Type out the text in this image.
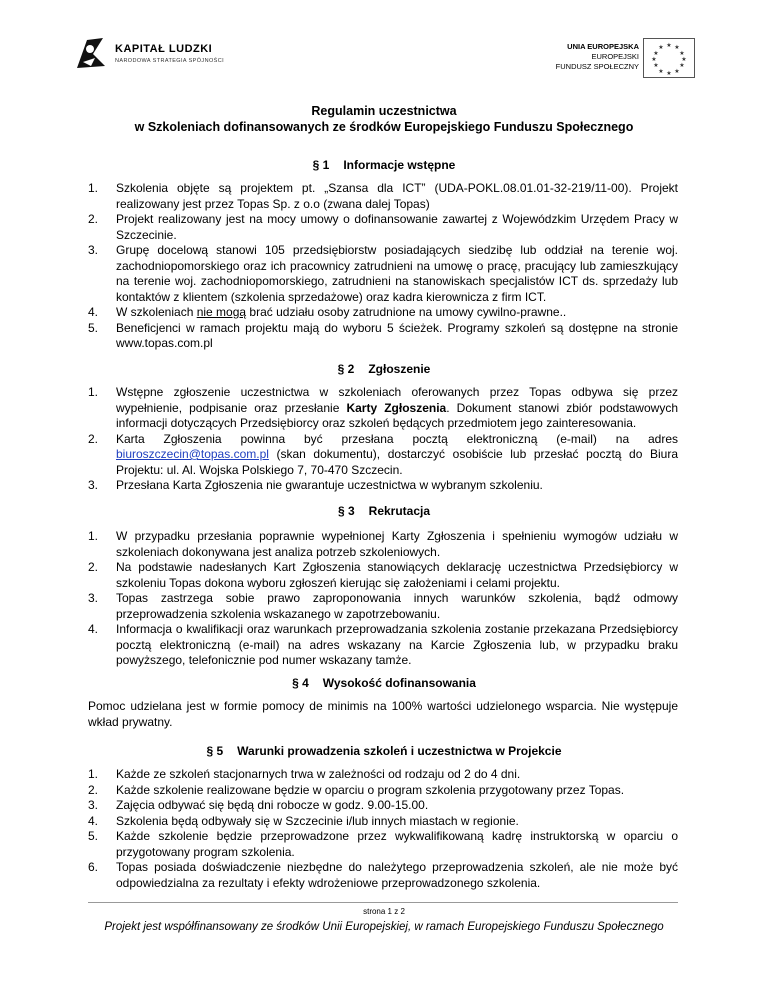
KAPITAŁ LUDZKI
NARODOWA STRATEGIA SPÓJNOŚCI
UNIA EUROPEJSKA
EUROPEJSKI
FUNDUSZ SPOŁECZNY
★ ★
★
★
★
★
★
★
★
★
★
★
Regulamin uczestnictwa
w Szkoleniach dofinansowanych ze środków Europejskiego Funduszu Społecznego
§ 1 Informacje wstępne
1. Szkolenia objęte są projektem pt. „Szansa dla ICT” (UDA-POKL.08.01.01-32-219/11-00). Projekt realizowany jest przez Topas Sp. z o.o (zwana dalej Topas)
2. Projekt realizowany jest na mocy umowy o dofinansowanie zawartej z Wojewódzkim Urzędem Pracy w Szczecinie.
3. Grupę docelową stanowi 105 przedsiębiorstw posiadających siedzibę lub oddział na terenie woj. zachodniopomorskiego oraz ich pracownicy zatrudnieni na umowę o pracę, pracujący lub zamieszkujący na terenie woj. zachodniopomorskiego, zatrudnieni na stanowiskach specjalistów ICT ds. sprzedaży lub kontaktów z klientem (szkolenia sprzedażowe) oraz kadra kierownicza z firm ICT.
4. W szkoleniach nie mogą brać udziału osoby zatrudnione na umowy cywilno-prawne..
5. Beneficjenci w ramach projektu mają do wyboru 5 ścieżek. Programy szkoleń są dostępne na stronie www.topas.com.pl
§ 2 Zgłoszenie
1. Wstępne zgłoszenie uczestnictwa w szkoleniach oferowanych przez Topas odbywa się przez wypełnienie, podpisanie oraz przesłanie Karty Zgłoszenia. Dokument stanowi zbiór podstawowych informacji dotyczących Przedsiębiorcy oraz szkoleń będących przedmiotem jego zainteresowania.
2. Karta Zgłoszenia powinna być przesłana pocztą elektroniczną (e-mail) na adres biuroszczecin@topas.com.pl (skan dokumentu), dostarczyć osobiście lub przesłać pocztą do Biura Projektu: ul. Al. Wojska Polskiego 7, 70-470 Szczecin.
3. Przesłana Karta Zgłoszenia nie gwarantuje uczestnictwa w wybranym szkoleniu.
§ 3 Rekrutacja
1. W przypadku przesłania poprawnie wypełnionej Karty Zgłoszenia i spełnieniu wymogów udziału w szkoleniach dokonywana jest analiza potrzeb szkoleniowych.
2. Na podstawie nadesłanych Kart Zgłoszenia stanowiących deklarację uczestnictwa Przedsiębiorcy w szkoleniu Topas dokona wyboru zgłoszeń kierując się założeniami i celami projektu.
3. Topas zastrzega sobie prawo zaproponowania innych warunków szkolenia, bądź odmowy przeprowadzenia szkolenia wskazanego w zapotrzebowaniu.
4. Informacja o kwalifikacji oraz warunkach przeprowadzania szkolenia zostanie przekazana Przedsiębiorcy pocztą elektroniczną (e-mail) na adres wskazany na Karcie Zgłoszenia lub, w przypadku braku powyższego, telefonicznie pod numer wskazany tamże.
§ 4 Wysokość dofinansowania
Pomoc udzielana jest w formie pomocy de minimis na 100% wartości udzielonego wsparcia. Nie występuje wkład prywatny.
§ 5 Warunki prowadzenia szkoleń i uczestnictwa w Projekcie
1. Każde ze szkoleń stacjonarnych trwa w zależności od rodzaju od 2 do 4 dni.
2. Każde szkolenie realizowane będzie w oparciu o program szkolenia przygotowany przez Topas.
3. Zajęcia odbywać się będą dni robocze w godz. 9.00-15.00.
4. Szkolenia będą odbywały się w Szczecinie i/lub innych miastach w regionie.
5. Każde szkolenie będzie przeprowadzone przez wykwalifikowaną kadrę instruktorską w oparciu o przygotowany program szkolenia.
6. Topas posiada doświadczenie niezbędne do należytego przeprowadzenia szkoleń, ale nie może być odpowiedzialna za rezultaty i efekty wdrożeniowe przeprowadzonego szkolenia.
strona 1 z 2
Projekt jest współfinansowany ze środków Unii Europejskiej, w ramach Europejskiego Funduszu Społecznego
